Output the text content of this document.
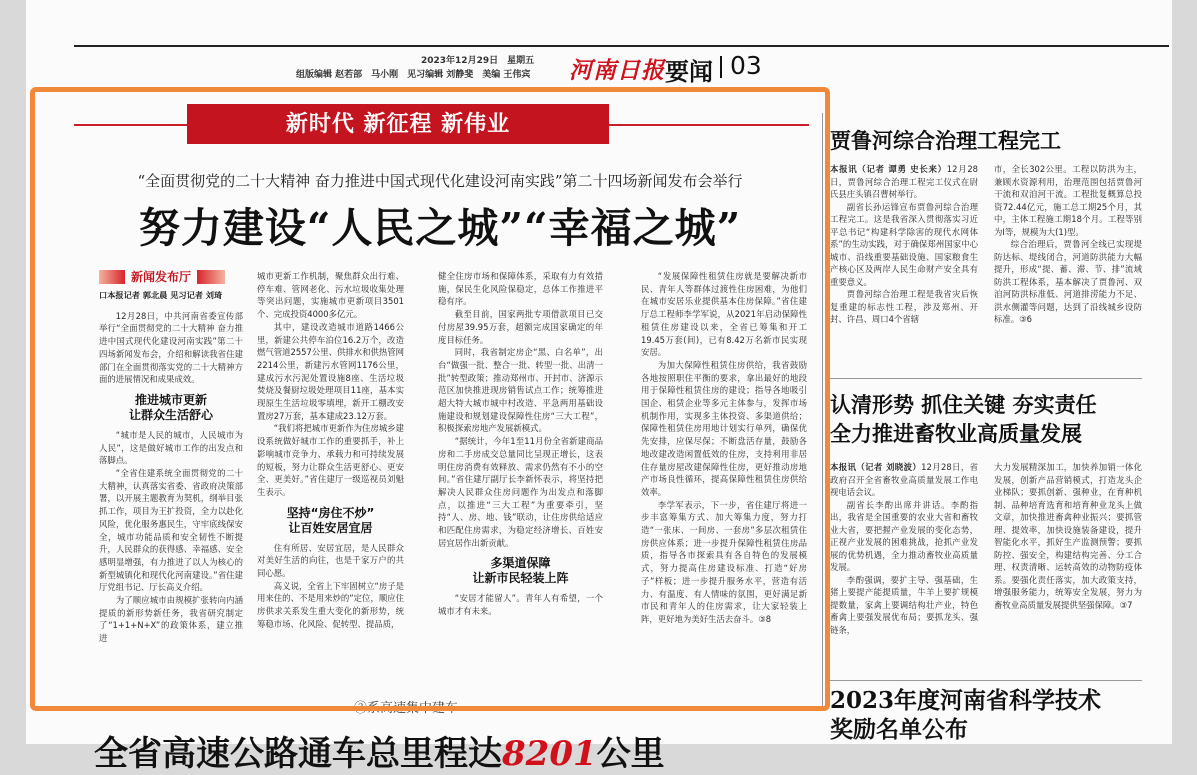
2023年12月29日　星期五
组版编辑 赵若部　马小刚　见习编辑 刘静斐　美编 王伟宾 河南日报 要闻 03
新时代 新征程 新伟业
“全面贯彻党的二十大精神 奋力推进中国式现代化建设河南实践”第二十四场新闻发布会举行
努力建设“人民之城”“幸福之城”
新闻发布厅
口本报记者 郭北晨 见习记者 刘琦

12月28日，中共河南省委宣传部举行“全面贯彻党的二十大精神 奋力推进中国式现代化建设河南实践”第二十四场新闻发布会，介绍和解读我省住建部门在全面贯彻落实党的二十大精神方面的进展情况和成果成效。

推进城市更新
让群众生活舒心

“城市是人民的城市，人民城市为人民”，这是做好城市工作的出发点和落脚点。

“全省住建系统全面贯彻党的二十大精神，认真落实省委、省政府决策部署，以开展主题教育为契机，纲举目张抓工作，项目为王扩投资，全力以赴化风险，优化服务惠民生，守牢底线保安全，城市功能品质和安全韧性不断提升，人民群众的获得感、幸福感、安全感明显增强，有力推进了以人为核心的新型城镇化和现代化河南建设。”省住建厅党组书记、厅长高义介绍。

为了顺应城市由规模扩张转向内涵提质的新形势新任务，我省研究制定了“1+1+N+X”的政策体系，建立推进

城市更新工作机制，聚焦群众出行难、停车难、管网老化、污水垃圾收集处理等突出问题，实施城市更新项目3501个、完成投资4000多亿元。

其中，建设改造城市道路1466公里，新建公共停车泊位16.2万个，改造燃气管道2557公里、供排水和供热管网2214公里，新建污水管网1176公里，建成污水污泥处置设施8座、生活垃圾焚烧及餐厨垃圾处理项目11座，基本实现原生生活垃圾零填埋，新开工棚改安置房27万套，基本建成23.12万套。

“我们将把城市更新作为住房城乡建设系统做好城市工作的重要抓手，补上影响城市竞争力、承载力和可持续发展的短板，努力让群众生活更舒心、更安全、更美好。”省住建厅一级巡视员刘魁生表示。

坚持“房住不炒”
让百姓安居宜居

住有所居、安居宜居，是人民群众对美好生活的向往，也是千家万户的共同心愿。

高义说，全省上下牢固树立“房子是用来住的、不是用来炒的”定位，顺应住房供求关系发生重大变化的新形势，统筹稳市场、化风险、促转型、提品质，

健全住房市场和保障体系，采取有力有效措施，保民生化风险保稳定，总体工作推进平稳有序。

截至目前，国家两批专项借款项目已交付房屋39.95万套，超额完成国家确定的年度目标任务。

同时，我省制定房企“黑、白名单”，出台“做强一批、整合一批、转型一批、出清一批”转型政策；推动郑州市、开封市、济源示范区加快推进现房销售试点工作；统筹推进超大特大城市城中村改造、平急两用基础设施建设和规划建设保障性住房“三大工程”，积极探索房地产发展新模式。

“据统计，今年1至11月份全省新建商品房和二手房成交总量同比呈现正增长，这表明住房消费有效释放、需求仍然有不小的空间。”省住建厅副厅长李新怀表示，将坚持把解决人民群众住房问题作为出发点和落脚点，以推进“三大工程”为重要牵引，坚持“人、房、地、钱”联动，让住房供给适应和匹配住房需求，为稳定经济增长、百姓安居宜居作出新贡献。

多渠道保障
让新市民轻装上阵

“安居才能留人”。青年人有希望，一个城市才有未来。

“发展保障性租赁住房就是要解决新市民、青年人等群体过渡性住房困难，为他们在城市安居乐业提供基本住房保障。”省住建厅总工程师李学军说，从2021年启动保障性租赁住房建设以来，全省已筹集和开工19.45万套(间)，已有8.42万名新市民实现安居。

为加大保障性租赁住房供给，我省鼓励各地按照职住平衡的要求，拿出最好的地段用于保障性租赁住房的建设；指导各地吸引国企、租赁企业等多元主体参与，发挥市场机制作用，实现多主体投资、多渠道供给；保障性租赁住房用地计划实行单列，确保优先安排，应保尽保；不断盘活存量，鼓励各地改建改造闲置低效的住房，支持利用非居住存量房屋改建保障性住房，更好推动房地产市场良性循环，提高保障性租赁住房供给效率。

李学军表示，下一步，省住建厅将进一步丰富筹集方式、加大筹集力度，努力打造“一张床、一间房、一套房”多层次租赁住房供应体系；进一步提升保障性租赁住房品质，指导各市探索具有各自特色的发展模式，努力提高住房建设标准、打造“好房子”样板；进一步提升服务水平，营造有活力、有温度、有人情味的氛围，更好满足新市民和青年人的住房需求，让大家轻装上阵，更好地为美好生活去奋斗。③8

③系高速集中建车
全省高速公路通车总里程达8201公里
贾鲁河综合治理工程完工

本报讯（记者 谭勇 史长来）12月28日，贾鲁河综合治理工程完工仪式在尉氏县庄头镇召曹树举行。

副省长孙运锋宣布贾鲁河综合治理工程完工。这是我省深入贯彻落实习近平总书记“构建科学除害的现代水网体系”的生动实践，对于确保郑州国家中心城市、沿线重要基础设施、国家粮食生产核心区及两岸人民生命财产安全具有重要意义。

贾鲁河综合治理工程是我省灾后恢复重建的标志性工程，涉及郑州、开封、许昌、周口4个省辖

市，全长302公里。工程以防洪为主，兼顾水资源利用，治理范围包括贾鲁河干流和双洎河干流。工程批复概算总投资72.44亿元，施工总工期25个月，其中，主体工程施工期18个月。工程等别为Ⅰ等，规模为大(1)型。

综合治理后，贾鲁河全线已实现堤防达标、堤线闭合，河道防洪能力大幅提升，形成“提、蓄、滞、节、排”流域防洪工程体系，基本解决了贾鲁河、双洎河防洪标准低、河道排涝能力不足、洪水侧灌等问题，达到了沿线城乡设防标准。③6

认清形势 抓住关键 夯实责任
全力推进畜牧业高质量发展

本报讯（记者 刘晓波）12月28日，省政府召开全省畜牧业高质量发展工作电视电话会议。

副省长李酌出席并讲话。李酌指出，我省是全国重要的农业大省和畜牧业大省，要把握产业发展的变化态势，正视产业发展的困难挑战，抢抓产业发展的优势机遇，全力推动畜牧业高质量发展。

李酌强调，要扩主导、强基础，生猪上要提产能提质量，牛羊上要扩规模提数量，家禽上要调结构壮产业，特色畜禽上要强发展优布局；要抓龙头、强链条，

大力发展精深加工，加快养加销一体化发展，创新产品营销模式，打造龙头企业梯队；要抓创新、强种业，在育种机制、品种培育选育和培育种业龙头上做文章，加快推进畜禽种业振兴；要抓管理、提效率，加快设施装备建设，提升智能化水平，抓好生产监测预警；要抓防控、强安全，构建结构完善、分工合理、权责清晰、运转高效的动物防疫体系。要强化责任落实，加大政策支持，增强服务能力，统筹安全发展，努力为畜牧业高质量发展提供坚强保障。③7

2023年度河南省科学技术
奖励名单公布
